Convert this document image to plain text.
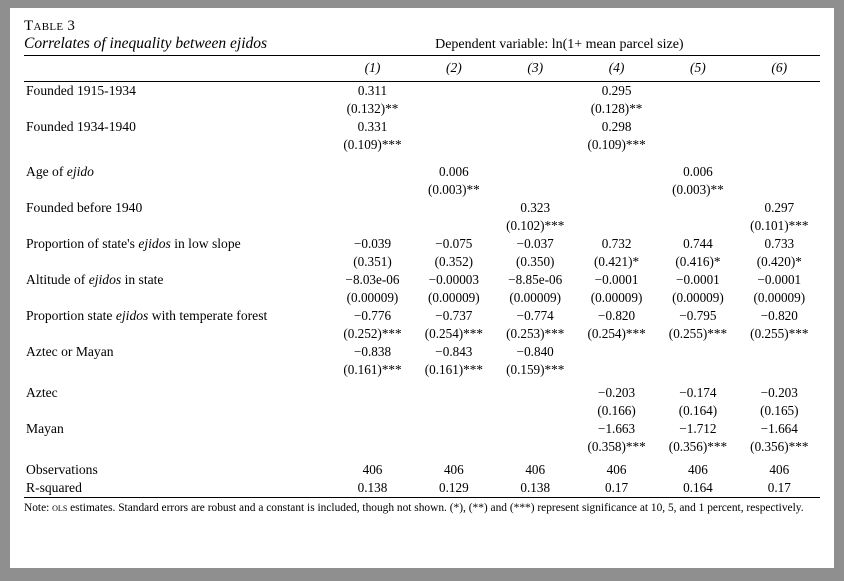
Table 3
Correlates of inequality between ejidos	Dependent variable: ln(1+ mean parcel size)

	(1)	(2)	(3)	(4)	(5)	(6)

Founded 1915-1934	0.311			0.295		
	(0.132)**			(0.128)**		
Founded 1934-1940	0.331			0.298		
	(0.109)***			(0.109)***		

Age of ejido		0.006			0.006	
		(0.003)**			(0.003)**	
Founded before 1940			0.323			0.297
			(0.102)***			(0.101)***
Proportion of state's ejidos in low slope	−0.039	−0.075	−0.037	0.732	0.744	0.733
	(0.351)	(0.352)	(0.350)	(0.421)*	(0.416)*	(0.420)*
Altitude of ejidos in state	−8.03e-06	−0.00003	−8.85e-06	−0.0001	−0.0001	−0.0001
	(0.00009)	(0.00009)	(0.00009)	(0.00009)	(0.00009)	(0.00009)
Proportion state ejidos with temperate forest	−0.776	−0.737	−0.774	−0.820	−0.795	−0.820
	(0.252)***	(0.254)***	(0.253)***	(0.254)***	(0.255)***	(0.255)***
Aztec or Mayan	−0.838	−0.843	−0.840			
	(0.161)***	(0.161)***	(0.159)***			

Aztec				−0.203	−0.174	−0.203
				(0.166)	(0.164)	(0.165)
Mayan				−1.663	−1.712	−1.664
				(0.358)***	(0.356)***	(0.356)***

Observations	406	406	406	406	406	406
R-squared	0.138	0.129	0.138	0.17	0.164	0.17

Note: ols estimates. Standard errors are robust and a constant is included, though not shown. (*), (**) and (***) represent significance at 10, 5, and 1 percent, respectively.						
